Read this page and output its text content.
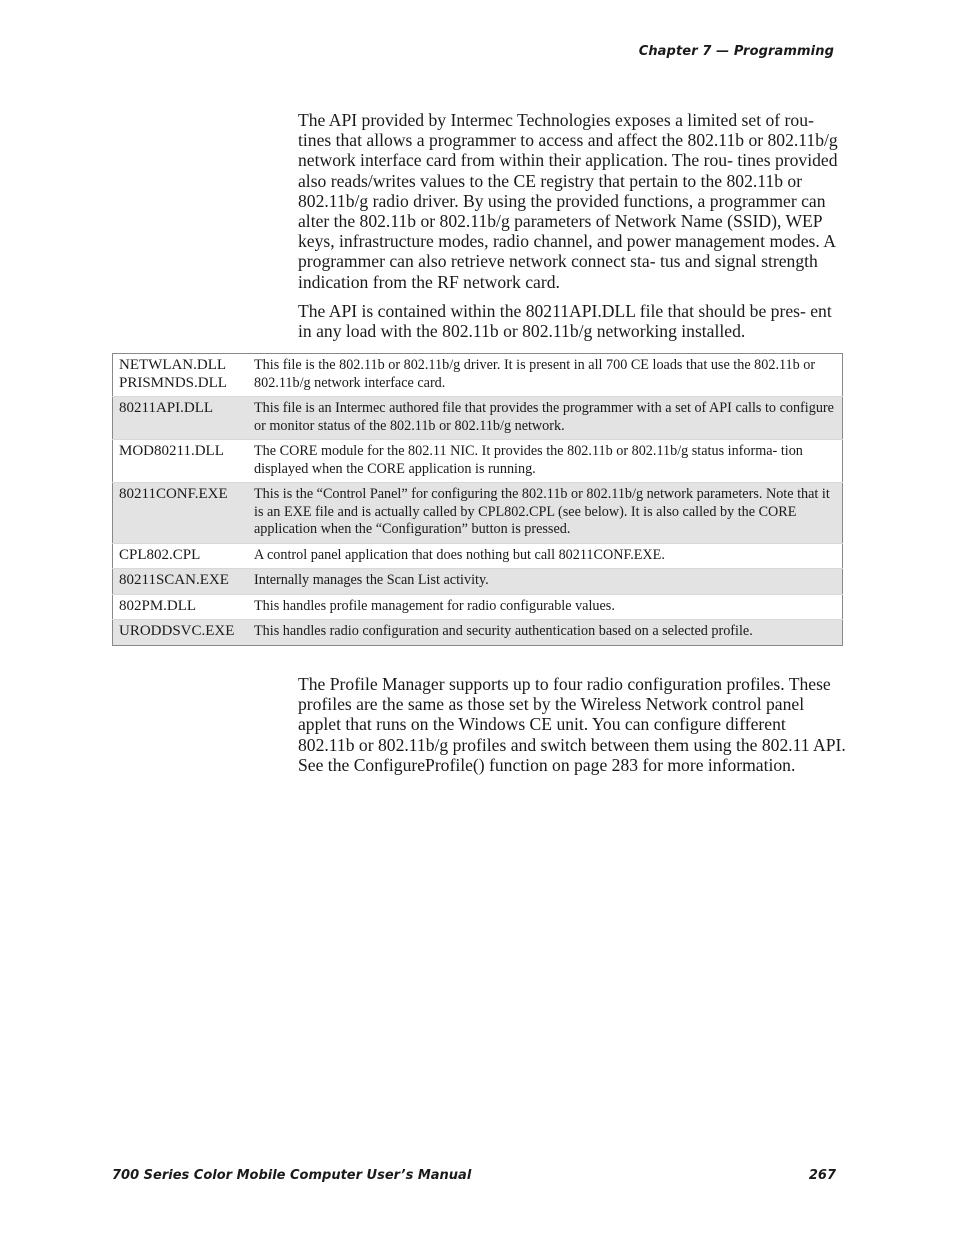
Chapter 7 — Programming

The API provided by Intermec Technologies exposes a limited set of rou- tines that allows a programmer to access and affect the 802.11b or 802.11b/g network interface card from within their application. The rou- tines provided also reads/writes values to the CE registry that pertain to the 802.11b or 802.11b/g radio driver. By using the provided functions, a programmer can alter the 802.11b or 802.11b/g parameters of Network Name (SSID), WEP keys, infrastructure modes, radio channel, and power management modes. A programmer can also retrieve network connect sta- tus and signal strength indication from the RF network card.

The API is contained within the 80211API.DLL file that should be pres- ent in any load with the 802.11b or 802.11b/g networking installed.

NETWLAN.DLL
PRISMNDS.DLL	This file is the 802.11b or 802.11b/g driver. It is present in all 700 CE loads that use the 802.11b or 802.11b/g network interface card.
80211API.DLL	This file is an Intermec authored file that provides the programmer with a set of API calls to configure or monitor status of the 802.11b or 802.11b/g network.
MOD80211.DLL	The CORE module for the 802.11 NIC. It provides the 802.11b or 802.11b/g status informa- tion displayed when the CORE application is running.
80211CONF.EXE	This is the “Control Panel” for configuring the 802.11b or 802.11b/g network parameters. Note that it is an EXE file and is actually called by CPL802.CPL (see below). It is also called by the CORE application when the “Configuration” button is pressed.
CPL802.CPL	A control panel application that does nothing but call 80211CONF.EXE.
80211SCAN.EXE	Internally manages the Scan List activity.
802PM.DLL	This handles profile management for radio configurable values.
URODDSVC.EXE	This handles radio configuration and security authentication based on a selected profile.

The Profile Manager supports up to four radio configuration profiles. These profiles are the same as those set by the Wireless Network control panel applet that runs on the Windows CE unit. You can configure different 802.11b or 802.11b/g profiles and switch between them using the 802.11 API. See the ConfigureProfile() function on page 283 for more information.

700 Series Color Mobile Computer User’s Manual	267
